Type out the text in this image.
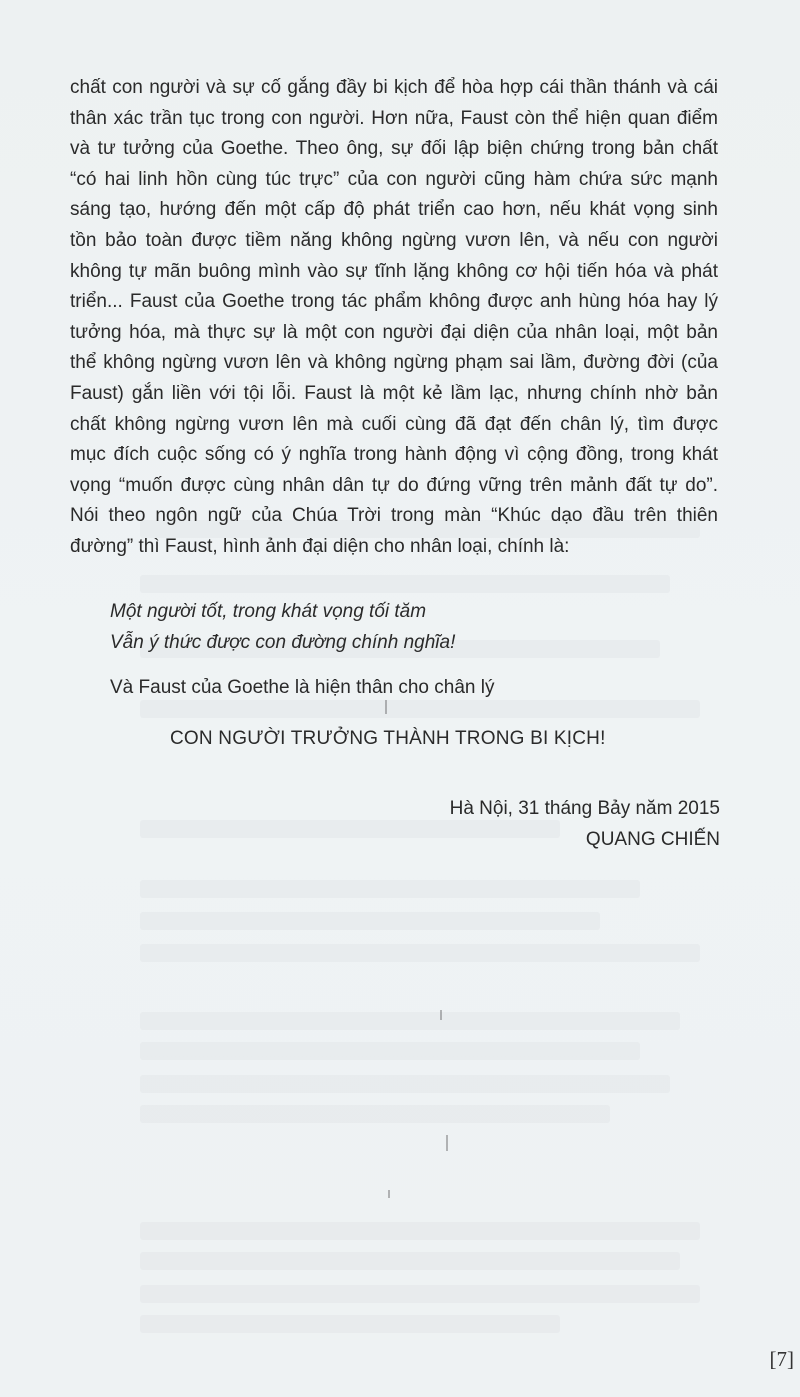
chất con người và sự cố gắng đầy bi kịch để hòa hợp cái thần thánh và cái
thân xác trần tục trong con người. Hơn nữa, Faust còn thể hiện quan điểm
và tư tưởng của Goethe. Theo ông, sự đối lập biện chứng trong bản chất
“có hai linh hồn cùng túc trực” của con người cũng hàm chứa sức mạnh
sáng tạo, hướng đến một cấp độ phát triển cao hơn, nếu khát vọng sinh
tồn bảo toàn được tiềm năng không ngừng vươn lên, và nếu con người
không tự mãn buông mình vào sự tĩnh lặng không cơ hội tiến hóa và phát
triển... Faust của Goethe trong tác phẩm không được anh hùng hóa hay lý
tưởng hóa, mà thực sự là một con người đại diện của nhân loại, một bản
thể không ngừng vươn lên và không ngừng phạm sai lầm, đường đời (của
Faust) gắn liền với tội lỗi. Faust là một kẻ lầm lạc, nhưng chính nhờ bản
chất không ngừng vươn lên mà cuối cùng đã đạt đến chân lý, tìm được
mục đích cuộc sống có ý nghĩa trong hành động vì cộng đồng, trong khát
vọng “muốn được cùng nhân dân tự do đứng vững trên mảnh đất tự do”.
Nói theo ngôn ngữ của Chúa Trời trong màn “Khúc dạo đầu trên thiên
đường” thì Faust, hình ảnh đại diện cho nhân loại, chính là:
Một người tốt, trong khát vọng tối tăm
Vẫn ý thức được con đường chính nghĩa!
Và Faust của Goethe là hiện thân cho chân lý
CON NGƯỜI TRƯỞNG THÀNH TRONG BI KỊCH!
Hà Nội, 31 tháng Bảy năm 2015
QUANG CHIẾN
[7]
